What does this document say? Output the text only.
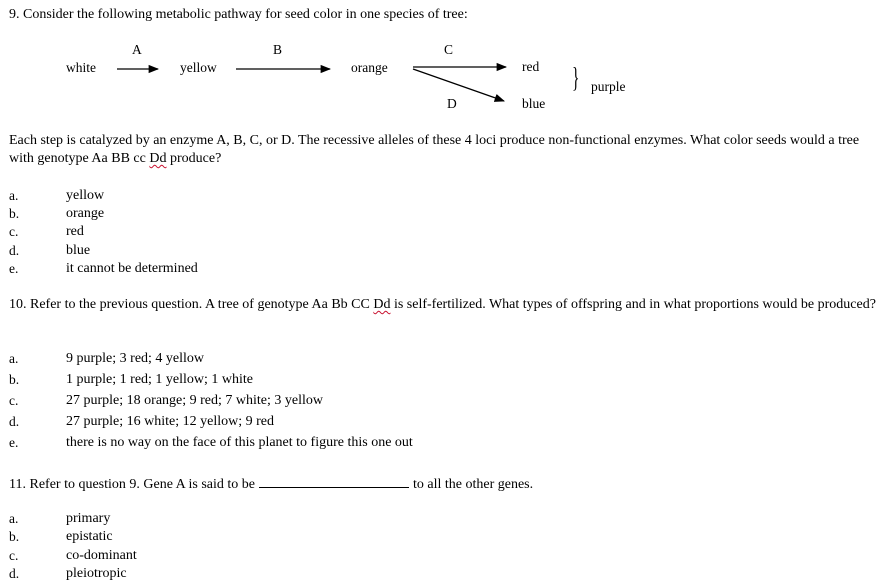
9. Consider the following metabolic pathway for seed color in one species of tree:
A	B	C
D
white	yellow	orange	red
blue
} purple
Each step is catalyzed by an enzyme A, B, C, or D. The recessive alleles of these 4 loci produce non-functional enzymes. What color seeds would a tree with genotype Aa BB cc Dd produce?
a.	yellow
b.	orange
c.	red
d.	blue
e.	it cannot be determined
10. Refer to the previous question. A tree of genotype Aa Bb CC Dd is self-fertilized. What types of offspring and in what proportions would be produced?
a.	9 purple; 3 red; 4 yellow
b.	1 purple; 1 red; 1 yellow; 1 white
c.	27 purple; 18 orange; 9 red; 7 white; 3 yellow
d.	27 purple; 16 white; 12 yellow; 9 red
e.	there is no way on the face of this planet to figure this one out
11. Refer to question 9. Gene A is said to be	to all the other genes.
a.	primary
b.	epistatic
c.	co-dominant
d.	pleiotropic
